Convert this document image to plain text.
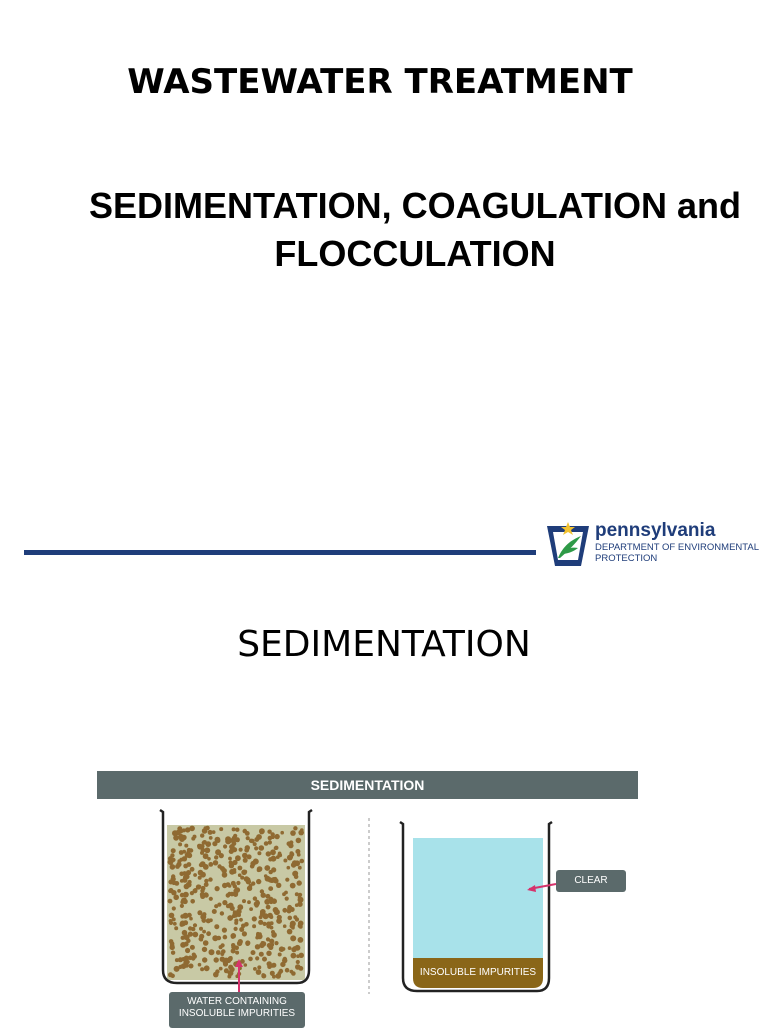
WASTEWATER TREATMENT
SEDIMENTATION, COAGULATION and
FLOCCULATION
pennsylvania
DEPARTMENT OF ENVIRONMENTAL
PROTECTION
SEDIMENTATION
SEDIMENTATION
INSOLUBLE IMPURITIES
CLEAR WATER
WATER CONTAINING
INSOLUBLE IMPURITIES
